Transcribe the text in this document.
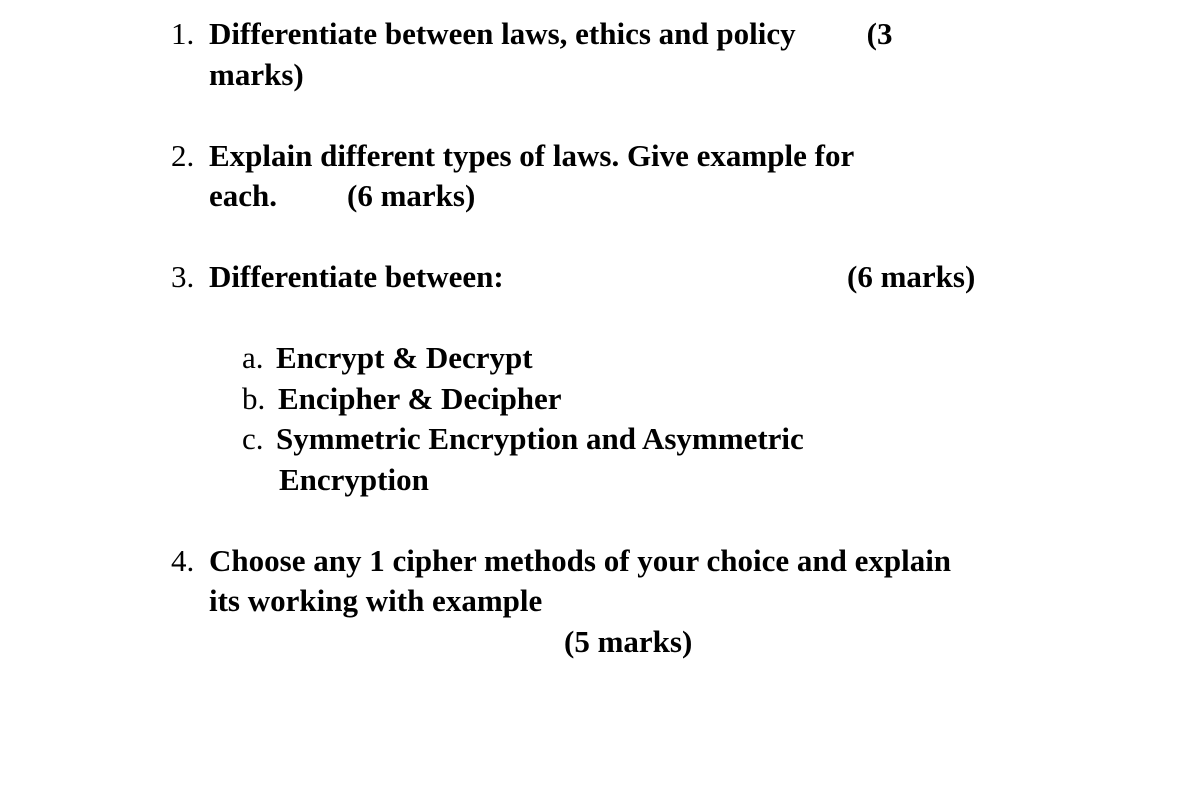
1. Differentiate between laws, ethics and policy (3
marks)
2. Explain different types of laws. Give example for
each. (6 marks)
3. Differentiate between:	(6 marks)
a. Encrypt & Decrypt
b. Encipher & Decipher
c. Symmetric Encryption and Asymmetric
Encryption
4. Choose any 1 cipher methods of your choice and explain
its working with example
(5 marks)
